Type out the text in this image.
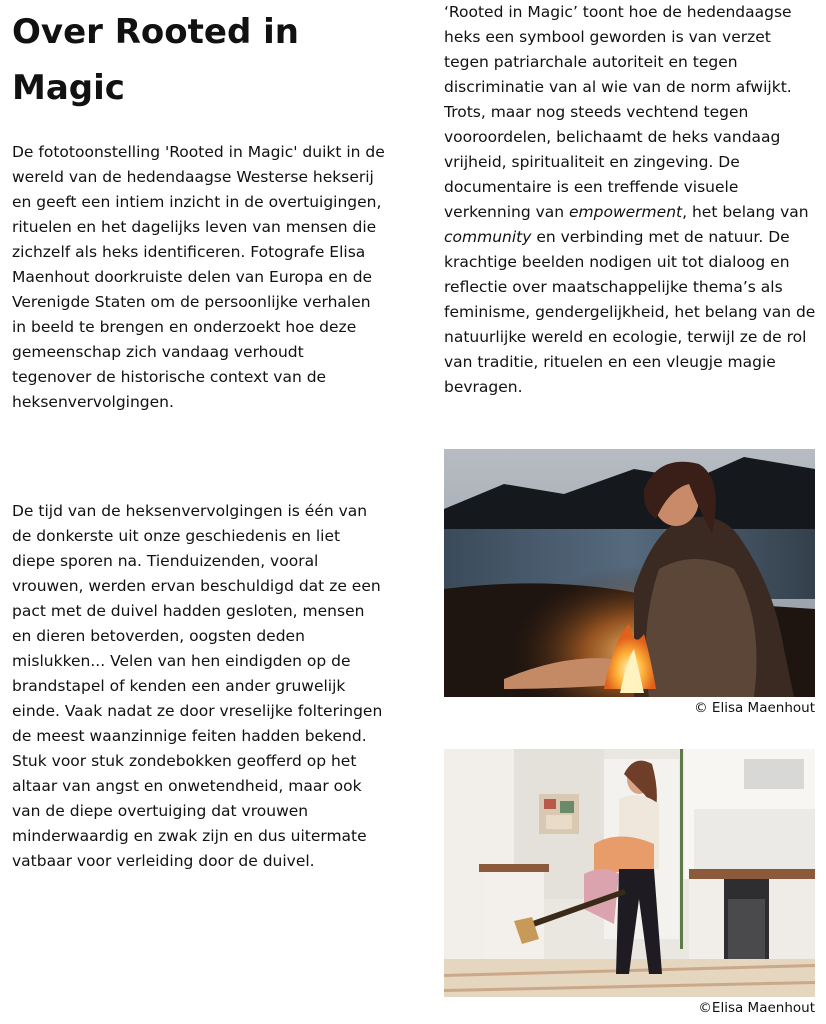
Over Rooted in Magic

De fototoonstelling 'Rooted in Magic' duikt in de wereld van de hedendaagse Westerse hekserij en geeft een intiem inzicht in de overtuigingen, rituelen en het dagelijks leven van mensen die zichzelf als heks identificeren. Fotografe Elisa Maenhout doorkruiste delen van Europa en de Verenigde Staten om de persoonlijke verhalen in beeld te brengen en onderzoekt hoe deze gemeenschap zich vandaag verhoudt tegenover de historische context van de heksenvervolgingen.

De tijd van de heksenvervolgingen is één van de donkerste uit onze geschiedenis en liet diepe sporen na. Tienduizenden, vooral vrouwen, werden ervan beschuldigd dat ze een pact met de duivel hadden gesloten, mensen en dieren betoverden, oogsten deden mislukken... Velen van hen eindigden op de brandstapel of kenden een ander gruwelijk einde. Vaak nadat ze door vreselijke folteringen de meest waanzinnige feiten hadden bekend. Stuk voor stuk zondebokken geofferd op het altaar van angst en onwetendheid, maar ook van de diepe overtuiging dat vrouwen minderwaardig en zwak zijn en dus uitermate vatbaar voor verleiding door de duivel.

‘Rooted in Magic’ toont hoe de hedendaagse heks een symbool geworden is van verzet tegen patriarchale autoriteit en tegen discriminatie van al wie van de norm afwijkt. Trots, maar nog steeds vechtend tegen vooroordelen, belichaamt de heks vandaag vrijheid, spiritualiteit en zingeving. De documentaire is een treffende visuele verkenning van empowerment, het belang van community en verbinding met de natuur. De krachtige beelden nodigen uit tot dialoog en reflectie over maatschappelijke thema’s als feminisme, gendergelijkheid, het belang van de natuurlijke wereld en ecologie, terwijl ze de rol van traditie, rituelen en een vleugje magie bevragen.

© Elisa Maenhout

©Elisa Maenhout
